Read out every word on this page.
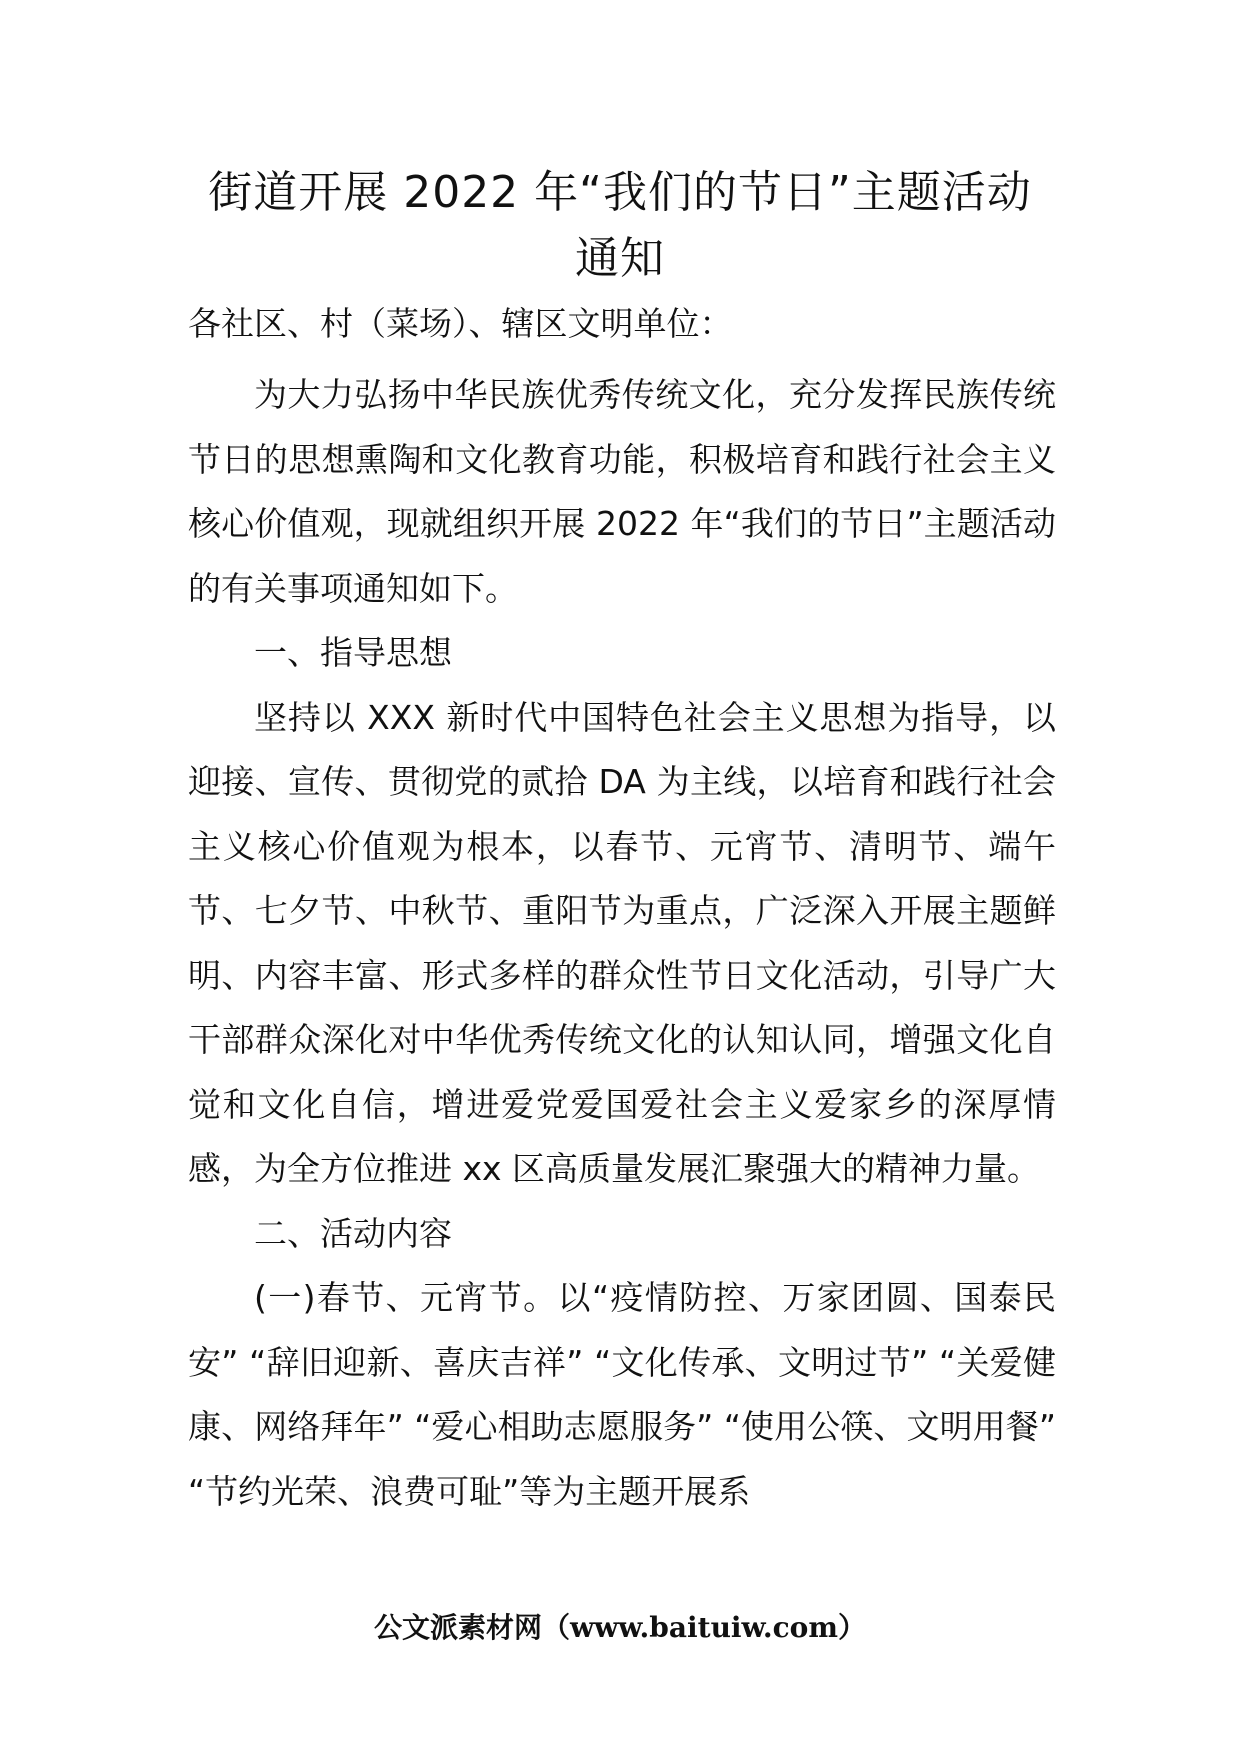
街道开展 2022 年“我们的节日”主题活动
通知

各社区、村（菜场）、辖区文明单位：

为大力弘扬中华民族优秀传统文化，充分发挥民族传统节日的思想熏陶和文化教育功能，积极培育和践行社会主义核心价值观，现就组织开展 2022 年“我们的节日”主题活动的有关事项通知如下。

一、指导思想

坚持以 XXX 新时代中国特色社会主义思想为指导，以迎接、宣传、贯彻党的贰拾 DA 为主线，以培育和践行社会主义核心价值观为根本，以春节、元宵节、清明节、端午节、七夕节、中秋节、重阳节为重点，广泛深入开展主题鲜明、内容丰富、形式多样的群众性节日文化活动，引导广大干部群众深化对中华优秀传统文化的认知认同，增强文化自觉和文化自信，增进爱党爱国爱社会主义爱家乡的深厚情感，为全方位推进 xx 区高质量发展汇聚强大的精神力量。

二、活动内容

(一)春节、元宵节。以“疫情防控、万家团圆、国泰民安” “辞旧迎新、喜庆吉祥” “文化传承、文明过节” “关爱健康、网络拜年” “爱心相助志愿服务” “使用公筷、文明用餐” “节约光荣、浪费可耻”等为主题开展系

公文派素材网（www.baituiw.com）
